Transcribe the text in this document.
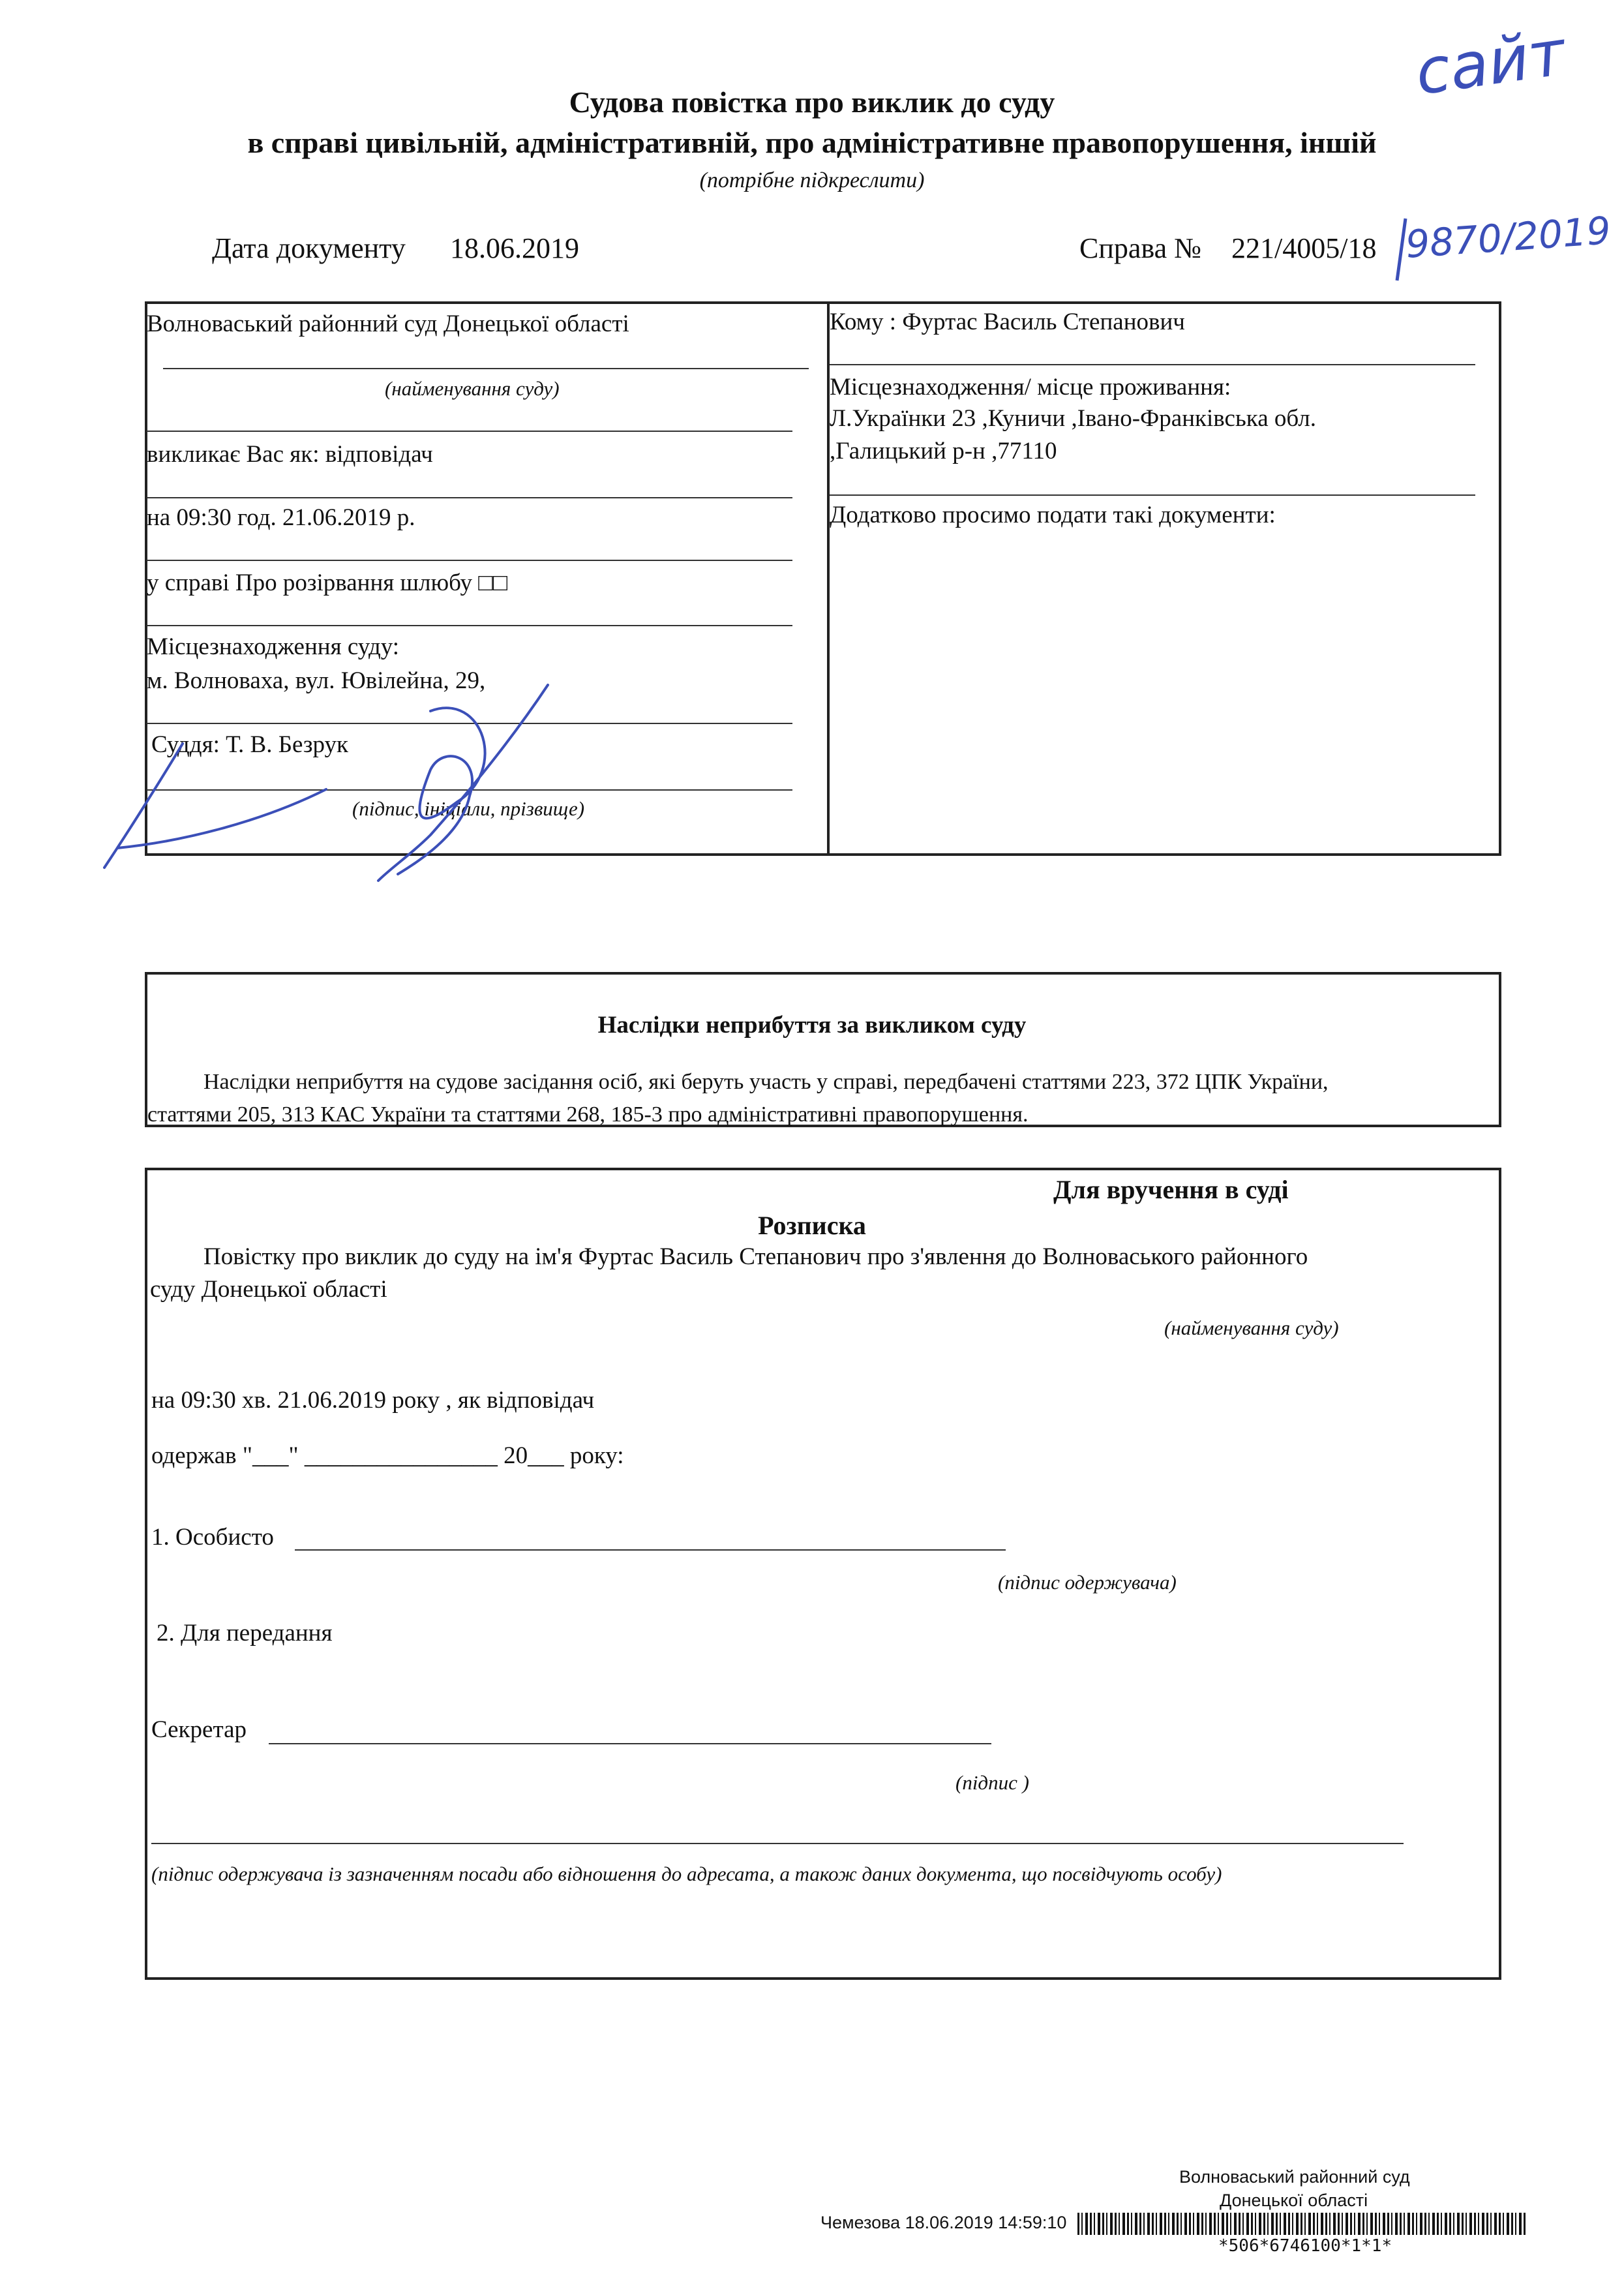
сайт
Судова повістка про виклик до суду
в справі цивільній, адміністративній, про адміністративне правопорушення, іншій
(потрібне підкреслити)
Дата документу 18.06.2019	Справа № 221/4005/18 9870/2019
Волноваський районний суд Донецької області
(найменування суду)
викликає Вас як: відповідач
на 09:30 год. 21.06.2019 р.
у справі Про розірвання шлюбу □□
Місцезнаходження суду:
м. Волноваха, вул. Ювілейна, 29,
Суддя: Т. В. Безрук
(підпис, ініціали, прізвище)
Кому : Фуртас Василь Степанович
Місцезнаходження/ місце проживання:
Л.Українки 23 ,Куничи ,Івано-Франківська обл.
,Галицький р-н ,77110
Додатково просимо подати такі документи:
Наслідки неприбуття за викликом суду
Наслідки неприбуття на судове засідання осіб, які беруть участь у справі, передбачені статтями 223, 372 ЦПК України,
статтями 205, 313 КАС України та статтями 268, 185-3 про адміністративні правопорушення.
Для вручення в суді
Розписка
Повістку про виклик до суду на ім'я Фуртас Василь Степанович про з'явлення до Волноваського районного
суду Донецької області
(найменування суду)
на 09:30 хв. 21.06.2019 року , як відповідач
одержав "___" ________________ 20___ року:
1. Особисто
(підпис одержувача)
2. Для передання
Секретар
(підпис )
(підпис одержувача із зазначенням посади або відношення до адресата, а також даних документа, що посвідчують особу)
Волноваський районний суд
Донецької області
Чемезова 18.06.2019 14:59:10
*506*6746100*1*1*
